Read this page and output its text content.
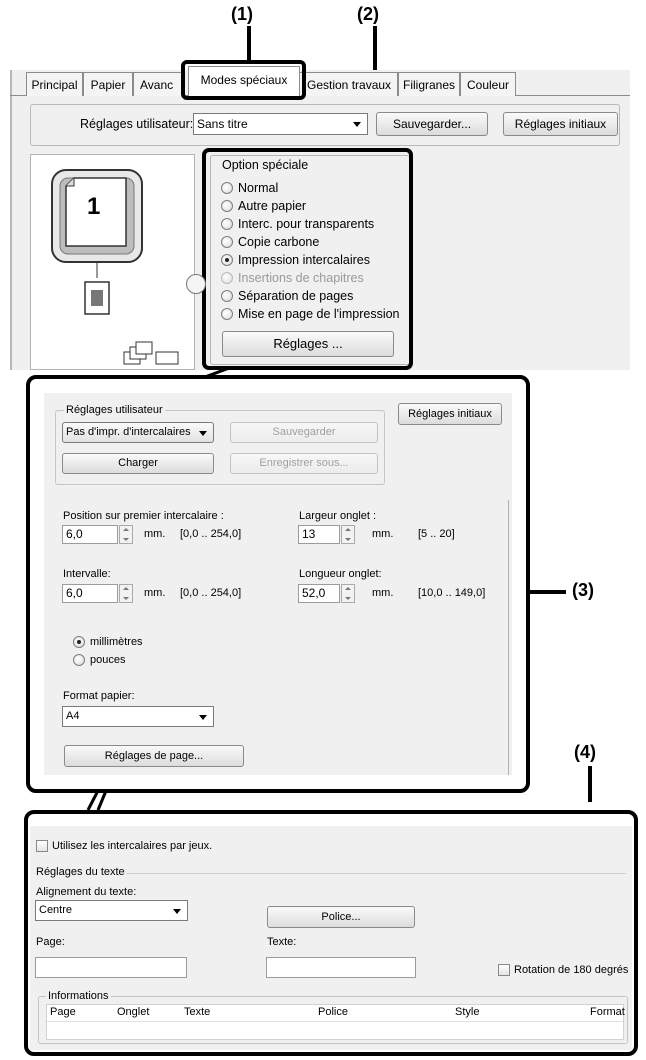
(1)	(2)
(3)
(4)
Principal	Papier	Avanc	Gestion travaux Filigranes Couleur
Modes spéciaux
Réglages utilisateur: Sans titre	Sauvegarder...	Réglages initiaux
1
Option spéciale
Normal
Autre papier
Interc. pour transparents
Copie carbone
Impression intercalaires
Insertions de chapitres
Séparation de pages
Mise en page de l'impression
Réglages ...
Réglages utilisateur
Pas d'impr. d'intercalaires	Sauvegarder
Charger	Enregistrer sous...
Réglages initiaux
Position sur premier intercalaire :
6,0	mm. [0,0 .. 254,0]
Largeur onglet :
13	mm. [5 .. 20]
Intervalle:
6,0	mm. [0,0 .. 254,0]
Longueur onglet:
52,0	mm. [10,0 .. 149,0]
millimètres
pouces
Format papier:
A4
Réglages de page...
Utilisez les intercalaires par jeux.
Réglages du texte
Alignement du texte:
Centre
Police...
Page:	Texte:
Rotation de 180 degrés
Informations
Page	Onglet	Texte	Police	Style	Format
